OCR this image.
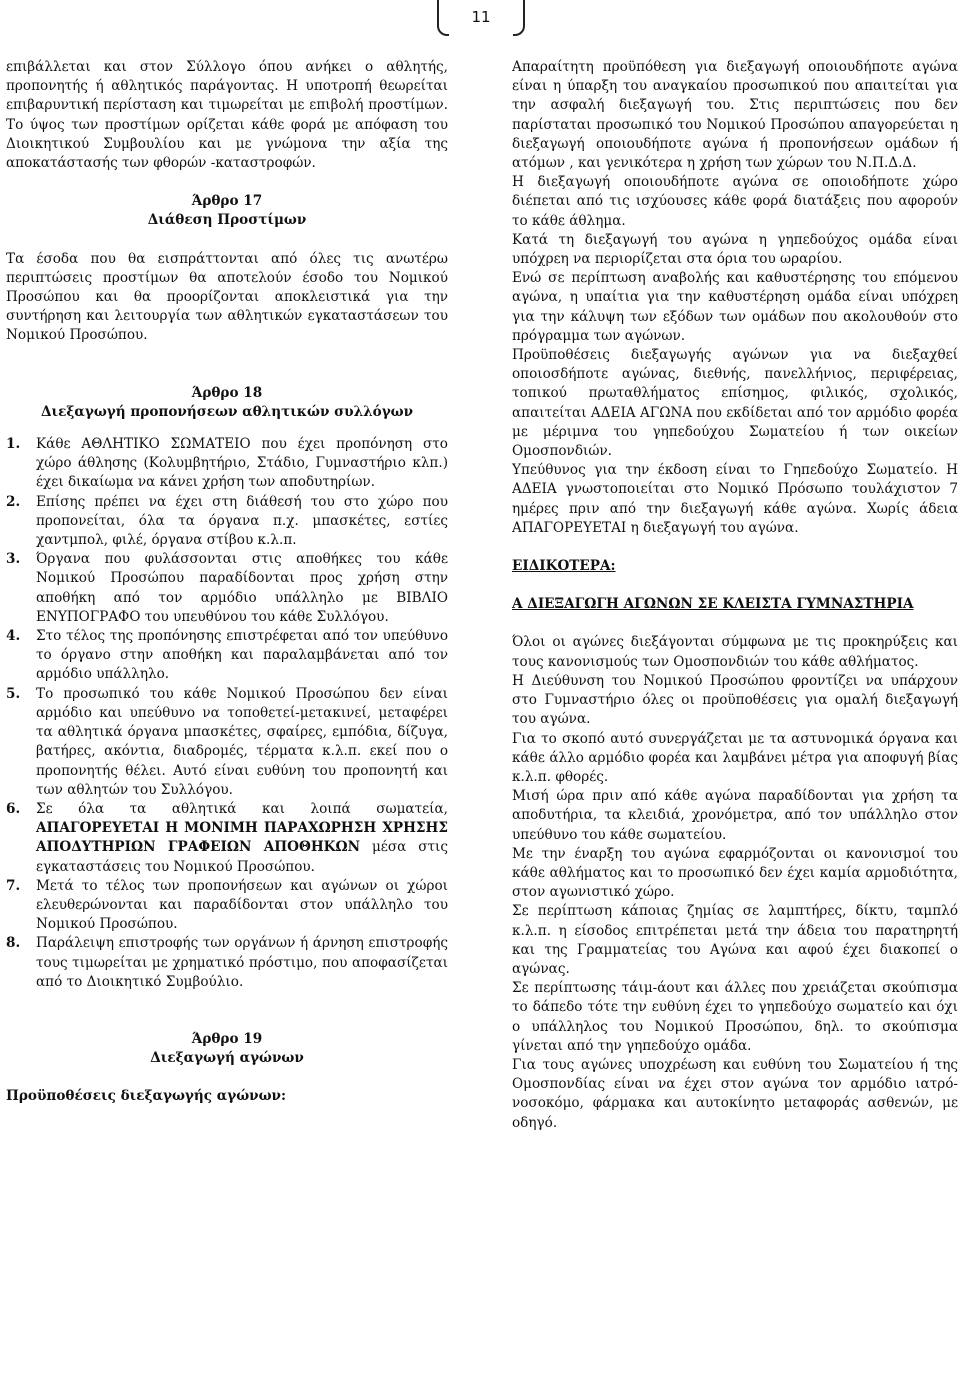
11

επιβάλλεται και στον Σύλλογο όπου ανήκει ο αθλητής, προπονητής ή αθλητικός παράγοντας. Η υποτροπή θεωρείται επιβαρυντική περίσταση και τιμωρείται με επιβολή προστίμων. Το ύψος των προστίμων ορίζεται κάθε φορά με απόφαση του Διοικητικού Συμβουλίου και με γνώμονα την αξία της αποκατάστασής των φθορών -καταστροφών.

Άρθρο 17

Διάθεση Προστίμων

Τα έσοδα που θα εισπράττονται από όλες τις ανωτέρω περιπτώσεις προστίμων θα αποτελούν έσοδο του Νομικού Προσώπου και θα προορίζονται αποκλειστικά για την συντήρηση και λειτουργία των αθλητικών εγκαταστάσεων του Νομικού Προσώπου.

Άρθρο 18

Διεξαγωγή προπονήσεων αθλητικών συλλόγων

1.	Κάθε ΑΘΛΗΤΙΚΟ ΣΩΜΑΤΕΙΟ που έχει προπόνηση στο χώρο άθλησης (Κολυμβητήριο, Στάδιο, Γυμναστήριο κλπ.) έχει δικαίωμα να κάνει χρήση των αποδυτηρίων.
2.	Επίσης πρέπει να έχει στη διάθεσή του στο χώρο που προπονείται, όλα τα όργανα π.χ. μπασκέτες, εστίες χαντμπολ, φιλέ, όργανα στίβου κ.λ.π.
3.	Όργανα που φυλάσσονται στις αποθήκες του κάθε Νομικού Προσώπου παραδίδονται προς χρήση στην αποθήκη από τον αρμόδιο υπάλληλο με ΒΙΒΛΙΟ ΕΝΥΠΟΓΡΑΦΟ του υπευθύνου του κάθε Συλλόγου.
4.	Στο τέλος της προπόνησης επιστρέφεται από τον υπεύθυνο το όργανο στην αποθήκη και παραλαμβάνεται από τον αρμόδιο υπάλληλο.
5.	Το προσωπικό του κάθε Νομικού Προσώπου δεν είναι αρμόδιο και υπεύθυνο να τοποθετεί-μετακινεί, μεταφέρει τα αθλητικά όργανα μπασκέτες, σφαίρες, εμπόδια, δίζυγα, βατήρες, ακόντια, διαδρομές, τέρματα κ.λ.π. εκεί που ο προπονητής θέλει. Αυτό είναι ευθύνη του προπονητή και των αθλητών του Συλλόγου.
6.	Σε όλα τα αθλητικά και λοιπά σωματεία, ΑΠΑΓΟΡΕΥΕΤΑΙ Η ΜΟΝΙΜΗ ΠΑΡΑΧΩΡΗΣΗ ΧΡΗΣΗΣ ΑΠΟΔΥΤΗΡΙΩΝ ΓΡΑΦΕΙΩΝ ΑΠΟΘΗΚΩΝ μέσα στις εγκαταστάσεις του Νομικού Προσώπου.
7.	Μετά το τέλος των προπονήσεων και αγώνων οι χώροι ελευθερώνονται και παραδίδονται στον υπάλληλο του Νομικού Προσώπου.
8.	Παράλειψη επιστροφής των οργάνων ή άρνηση επιστροφής τους τιμωρείται με χρηματικό πρόστιμο, που αποφασίζεται από το Διοικητικό Συμβούλιο.

Άρθρο 19

Διεξαγωγή αγώνων

Προϋποθέσεις διεξαγωγής αγώνων:

Απαραίτητη προϋπόθεση για διεξαγωγή οποιουδήποτε αγώνα είναι η ύπαρξη του αναγκαίου προσωπικού που απαιτείται για την ασφαλή διεξαγωγή του. Στις περιπτώσεις που δεν παρίσταται προσωπικό του Νομικού Προσώπου απαγορεύεται η διεξαγωγή οποιουδήποτε αγώνα ή προπονήσεων ομάδων ή ατόμων , και γενικότερα η χρήση των χώρων του Ν.Π.Δ.Δ.

Η διεξαγωγή οποιουδήποτε αγώνα σε οποιοδήποτε χώρο διέπεται από τις ισχύουσες κάθε φορά διατάξεις που αφορούν το κάθε άθλημα.

Κατά τη διεξαγωγή του αγώνα η γηπεδούχος ομάδα είναι υπόχρεη να περιορίζεται στα όρια του ωραρίου.

Ενώ σε περίπτωση αναβολής και καθυστέρησης του επόμενου αγώνα, η υπαίτια για την καθυστέρηση ομάδα είναι υπόχρεη για την κάλυψη των εξόδων των ομάδων που ακολουθούν στο πρόγραμμα των αγώνων.

Προϋποθέσεις διεξαγωγής αγώνων για να διεξαχθεί οποιοσδήποτε αγώνας, διεθνής, πανελλήνιος, περιφέρειας, τοπικού πρωταθλήματος επίσημος, φιλικός, σχολικός, απαιτείται ΑΔΕΙΑ ΑΓΩΝΑ που εκδίδεται από τον αρμόδιο φορέα με μέριμνα του γηπεδούχου Σωματείου ή των οικείων Ομοσπονδιών.

Υπεύθυνος για την έκδοση είναι το Γηπεδούχο Σωματείο. Η ΑΔΕΙΑ γνωστοποιείται στο Νομικό Πρόσωπο τουλάχιστον 7 ημέρες πριν από την διεξαγωγή κάθε αγώνα. Χωρίς άδεια ΑΠΑΓΟΡΕΥΕΤΑΙ η διεξαγωγή του αγώνα.

ΕΙΔΙΚΟΤΕΡΑ:

Α ΔΙΕΞΑΓΩΓΗ ΑΓΩΝΩΝ ΣΕ ΚΛΕΙΣΤΑ ΓΥΜΝΑΣΤΗΡΙΑ

Όλοι οι αγώνες διεξάγονται σύμφωνα με τις προκηρύξεις και τους κανονισμούς των Ομοσπονδιών του κάθε αθλήματος.

Η Διεύθυνση του Νομικού Προσώπου φροντίζει να υπάρχουν στο Γυμναστήριο όλες οι προϋποθέσεις για ομαλή διεξαγωγή του αγώνα.

Για το σκοπό αυτό συνεργάζεται με τα αστυνομικά όργανα και κάθε άλλο αρμόδιο φορέα και λαμβάνει μέτρα για αποφυγή βίας κ.λ.π. φθορές.

Μισή ώρα πριν από κάθε αγώνα παραδίδονται για χρήση τα αποδυτήρια, τα κλειδιά, χρονόμετρα, από τον υπάλληλο στον υπεύθυνο του κάθε σωματείου.

Με την έναρξη του αγώνα εφαρμόζονται οι κανονισμοί του κάθε αθλήματος και το προσωπικό δεν έχει καμία αρμοδιότητα, στον αγωνιστικό χώρο.

Σε περίπτωση κάποιας ζημίας σε λαμπτήρες, δίκτυ, ταμπλό κ.λ.π. η είσοδος επιτρέπεται μετά την άδεια του παρατηρητή και της Γραμματείας του Αγώνα και αφού έχει διακοπεί ο αγώνας.

Σε περίπτωσης τάιμ-άουτ και άλλες που χρειάζεται σκούπισμα το δάπεδο τότε την ευθύνη έχει το γηπεδούχο σωματείο και όχι ο υπάλληλος του Νομικού Προσώπου, δηλ. το σκούπισμα γίνεται από την γηπεδούχο ομάδα.

Για τους αγώνες υποχρέωση και ευθύνη του Σωματείου ή της Ομοσπονδίας είναι να έχει στον αγώνα τον αρμόδιο ιατρό-νοσοκόμο, φάρμακα και αυτοκίνητο μεταφοράς ασθενών, με οδηγό.
